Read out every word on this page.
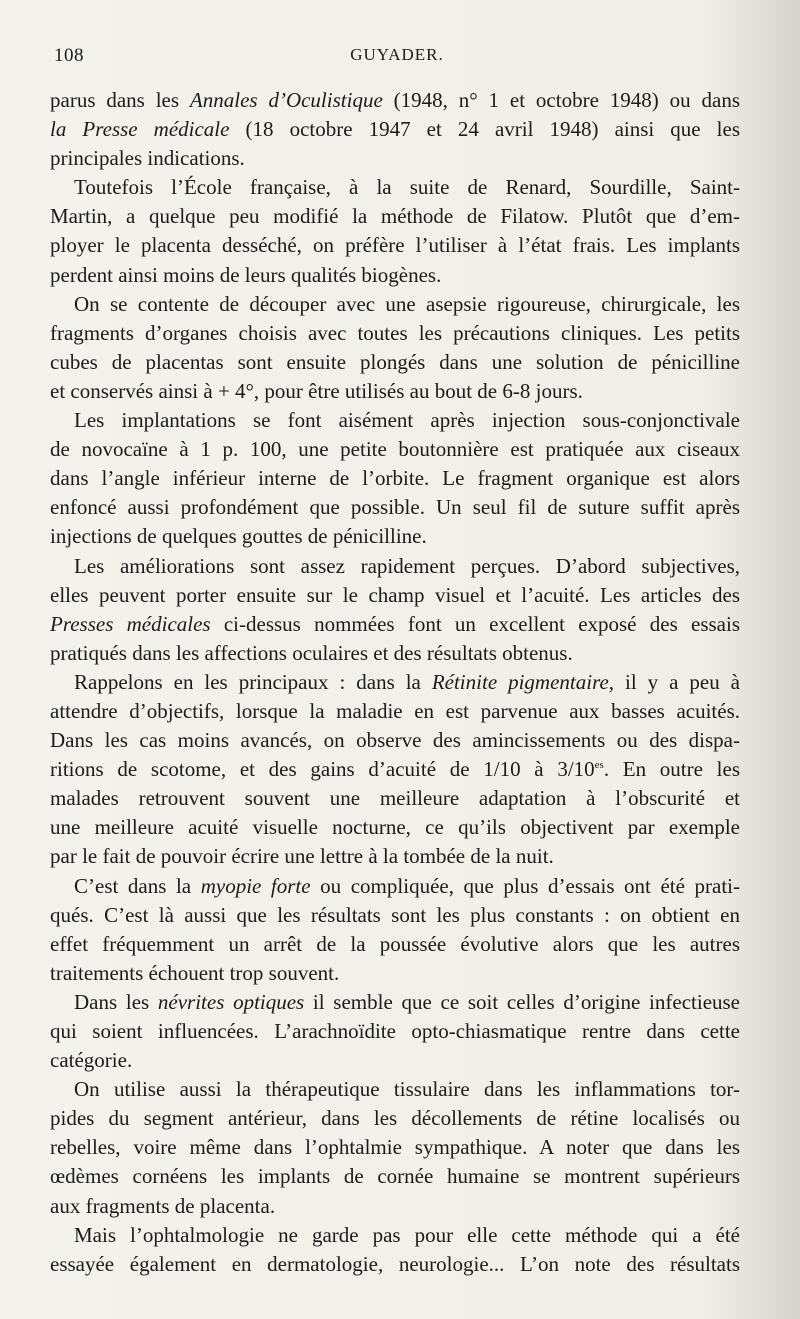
108	GUYADER.
parus dans les Annales d’Oculistique (1948, n° 1 et octobre 1948) ou dans
la Presse médicale (18 octobre 1947 et 24 avril 1948) ainsi que les
principales indications.
Toutefois l’École française, à la suite de Renard, Sourdille, Saint-
Martin, a quelque peu modifié la méthode de Filatow. Plutôt que d’em-
ployer le placenta desséché, on préfère l’utiliser à l’état frais. Les implants
perdent ainsi moins de leurs qualités biogènes.
On se contente de découper avec une asepsie rigoureuse, chirurgicale, les
fragments d’organes choisis avec toutes les précautions cliniques. Les petits
cubes de placentas sont ensuite plongés dans une solution de pénicilline
et conservés ainsi à + 4°, pour être utilisés au bout de 6-8 jours.
Les implantations se font aisément après injection sous-conjonctivale
de novocaïne à 1 p. 100, une petite boutonnière est pratiquée aux ciseaux
dans l’angle inférieur interne de l’orbite. Le fragment organique est alors
enfoncé aussi profondément que possible. Un seul fil de suture suffit après
injections de quelques gouttes de pénicilline.
Les améliorations sont assez rapidement perçues. D’abord subjectives,
elles peuvent porter ensuite sur le champ visuel et l’acuité. Les articles des
Presses médicales ci-dessus nommées font un excellent exposé des essais
pratiqués dans les affections oculaires et des résultats obtenus.
Rappelons en les principaux : dans la Rétinite pigmentaire, il y a peu à
attendre d’objectifs, lorsque la maladie en est parvenue aux basses acuités.
Dans les cas moins avancés, on observe des amincissements ou des dispa-
ritions de scotome, et des gains d’acuité de 1/10 à $3/10^{es}$. En outre les
malades retrouvent souvent une meilleure adaptation à l’obscurité et
une meilleure acuité visuelle nocturne, ce qu’ils objectivent par exemple
par le fait de pouvoir écrire une lettre à la tombée de la nuit.
C’est dans la myopie forte ou compliquée, que plus d’essais ont été prati-
qués. C’est là aussi que les résultats sont les plus constants : on obtient en
effet fréquemment un arrêt de la poussée évolutive alors que les autres
traitements échouent trop souvent.
Dans les névrites optiques il semble que ce soit celles d’origine infectieuse
qui soient influencées. L’arachnoïdite opto-chiasmatique rentre dans cette
catégorie.
On utilise aussi la thérapeutique tissulaire dans les inflammations tor-
pides du segment antérieur, dans les décollements de rétine localisés ou
rebelles, voire même dans l’ophtalmie sympathique. A noter que dans les
œdèmes cornéens les implants de cornée humaine se montrent supérieurs
aux fragments de placenta.
Mais l’ophtalmologie ne garde pas pour elle cette méthode qui a été
essayée également en dermatologie, neurologie... L’on note des résultats
